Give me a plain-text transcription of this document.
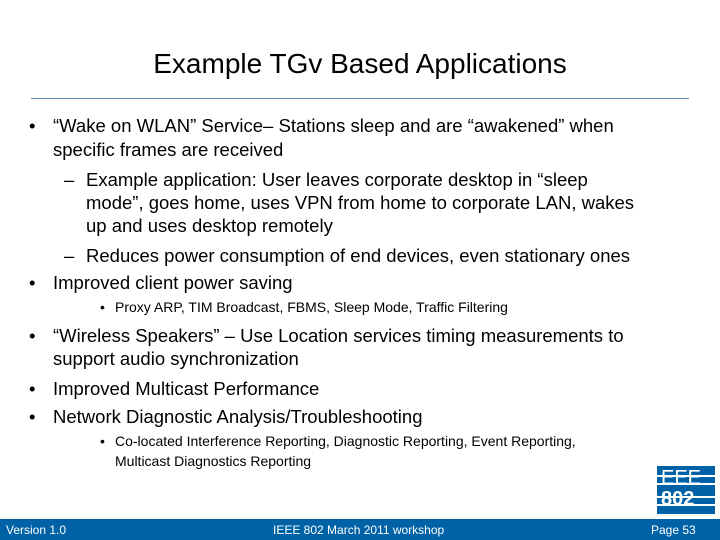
Example TGv Based Applications
• “Wake on WLAN” Service– Stations sleep and are “awakened” when
specific frames are received
– Example application: User leaves corporate desktop in “sleep
mode”, goes home, uses VPN from home to corporate LAN, wakes
up and uses desktop remotely
– Reduces power consumption of end devices, even stationary ones
• Improved client power saving
• Proxy ARP, TIM Broadcast, FBMS, Sleep Mode, Traffic Filtering
• “Wireless Speakers” – Use Location services timing measurements to
support audio synchronization
• Improved Multicast Performance
• Network Diagnostic Analysis/Troubleshooting
• Co-located Interference Reporting, Diagnostic Reporting, Event Reporting,
Multicast Diagnostics Reporting
EEE
802
Version 1.0	IEEE 802 March 2011 workshop	Page 53
